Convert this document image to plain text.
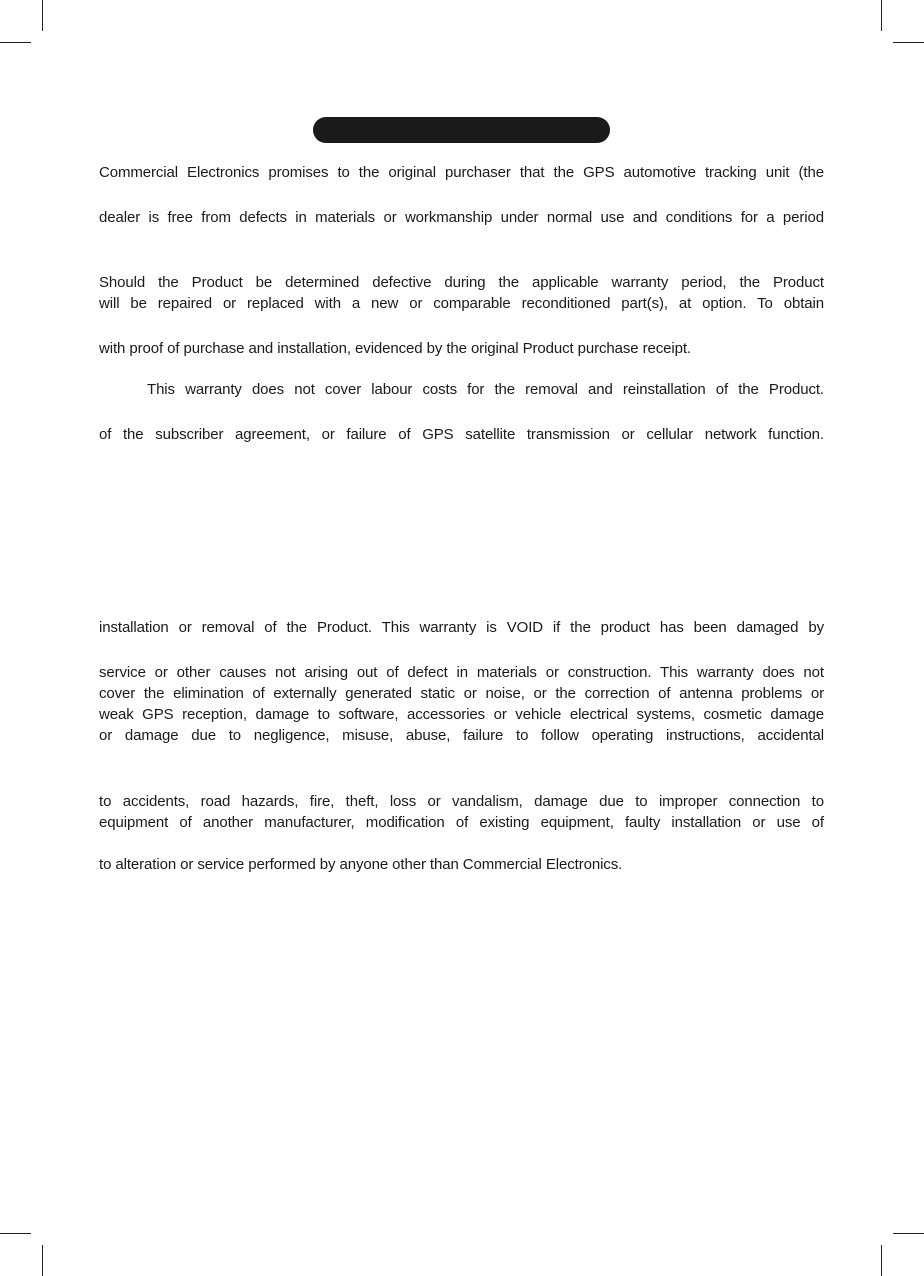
Commercial Electronics promises to the original purchaser that the GPS automotive tracking unit (the
dealer is free from defects in materials or workmanship under normal use and conditions for a period
Should the Product be determined defective during the applicable warranty period, the Product
will be repaired or replaced with a new or comparable reconditioned part(s), at option. To obtain
with proof of purchase and installation, evidenced by the original Product purchase receipt.
This warranty does not cover labour costs for the removal and reinstallation of the Product.
of the subscriber agreement, or failure of GPS satellite transmission or cellular network function.
installation or removal of the Product. This warranty is VOID if the product has been damaged by
service or other causes not arising out of defect in materials or construction. This warranty does not
cover the elimination of externally generated static or noise, or the correction of antenna problems or
weak GPS reception, damage to software, accessories or vehicle electrical systems, cosmetic damage
or damage due to negligence, misuse, abuse, failure to follow operating instructions, accidental
to accidents, road hazards, fire, theft, loss or vandalism, damage due to improper connection to
equipment of another manufacturer, modification of existing equipment, faulty installation or use of
to alteration or service performed by anyone other than Commercial Electronics.
